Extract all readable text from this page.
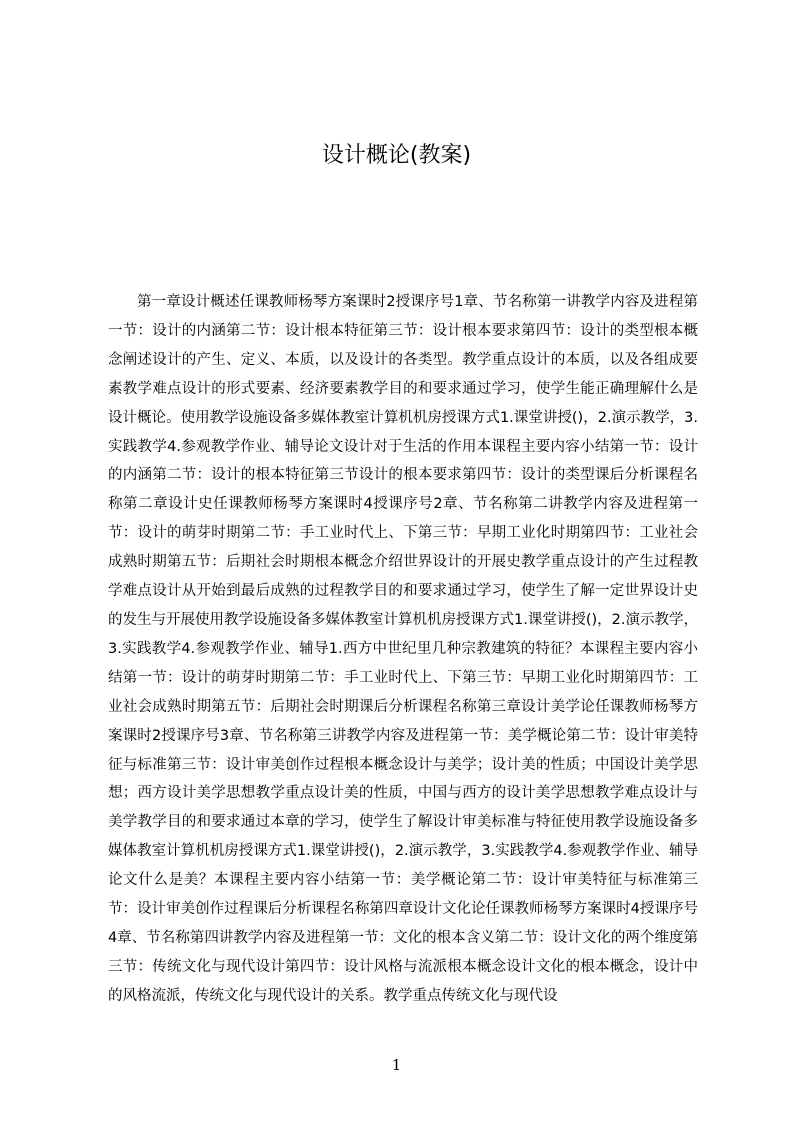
设计概论(教案)
第一章设计概述任课教师杨琴方案课时2授课序号1章、节名称第一讲教学内容及进程第一节：设计的内涵第二节：设计根本特征第三节：设计根本要求第四节：设计的类型根本概念阐述设计的产生、定义、本质，以及设计的各类型。教学重点设计的本质，以及各组成要素教学难点设计的形式要素、经济要素教学目的和要求通过学习，使学生能正确理解什么是设计概论。使用教学设施设备多媒体教室计算机机房授课方式1.课堂讲授()，2.演示教学，3.实践教学4.参观教学作业、辅导论文设计对于生活的作用本课程主要内容小结第一节：设计的内涵第二节：设计的根本特征第三节设计的根本要求第四节：设计的类型课后分析课程名称第二章设计史任课教师杨琴方案课时4授课序号2章、节名称第二讲教学内容及进程第一节：设计的萌芽时期第二节：手工业时代上、下第三节：早期工业化时期第四节：工业社会成熟时期第五节：后期社会时期根本概念介绍世界设计的开展史教学重点设计的产生过程教学难点设计从开始到最后成熟的过程教学目的和要求通过学习，使学生了解一定世界设计史的发生与开展使用教学设施设备多媒体教室计算机机房授课方式1.课堂讲授()，2.演示教学，3.实践教学4.参观教学作业、辅导1.西方中世纪里几种宗教建筑的特征？本课程主要内容小结第一节：设计的萌芽时期第二节：手工业时代上、下第三节：早期工业化时期第四节：工业社会成熟时期第五节：后期社会时期课后分析课程名称第三章设计美学论任课教师杨琴方案课时2授课序号3章、节名称第三讲教学内容及进程第一节：美学概论第二节：设计审美特征与标准第三节：设计审美创作过程根本概念设计与美学；设计美的性质；中国设计美学思想；西方设计美学思想教学重点设计美的性质，中国与西方的设计美学思想教学难点设计与美学教学目的和要求通过本章的学习，使学生了解设计审美标准与特征使用教学设施设备多媒体教室计算机机房授课方式1.课堂讲授()，2.演示教学，3.实践教学4.参观教学作业、辅导论文什么是美？本课程主要内容小结第一节：美学概论第二节：设计审美特征与标准第三节：设计审美创作过程课后分析课程名称第四章设计文化论任课教师杨琴方案课时4授课序号4章、节名称第四讲教学内容及进程第一节：文化的根本含义第二节：设计文化的两个维度第三节：传统文化与现代设计第四节：设计风格与流派根本概念设计文化的根本概念，设计中的风格流派，传统文化与现代设计的关系。教学重点传统文化与现代设
1
